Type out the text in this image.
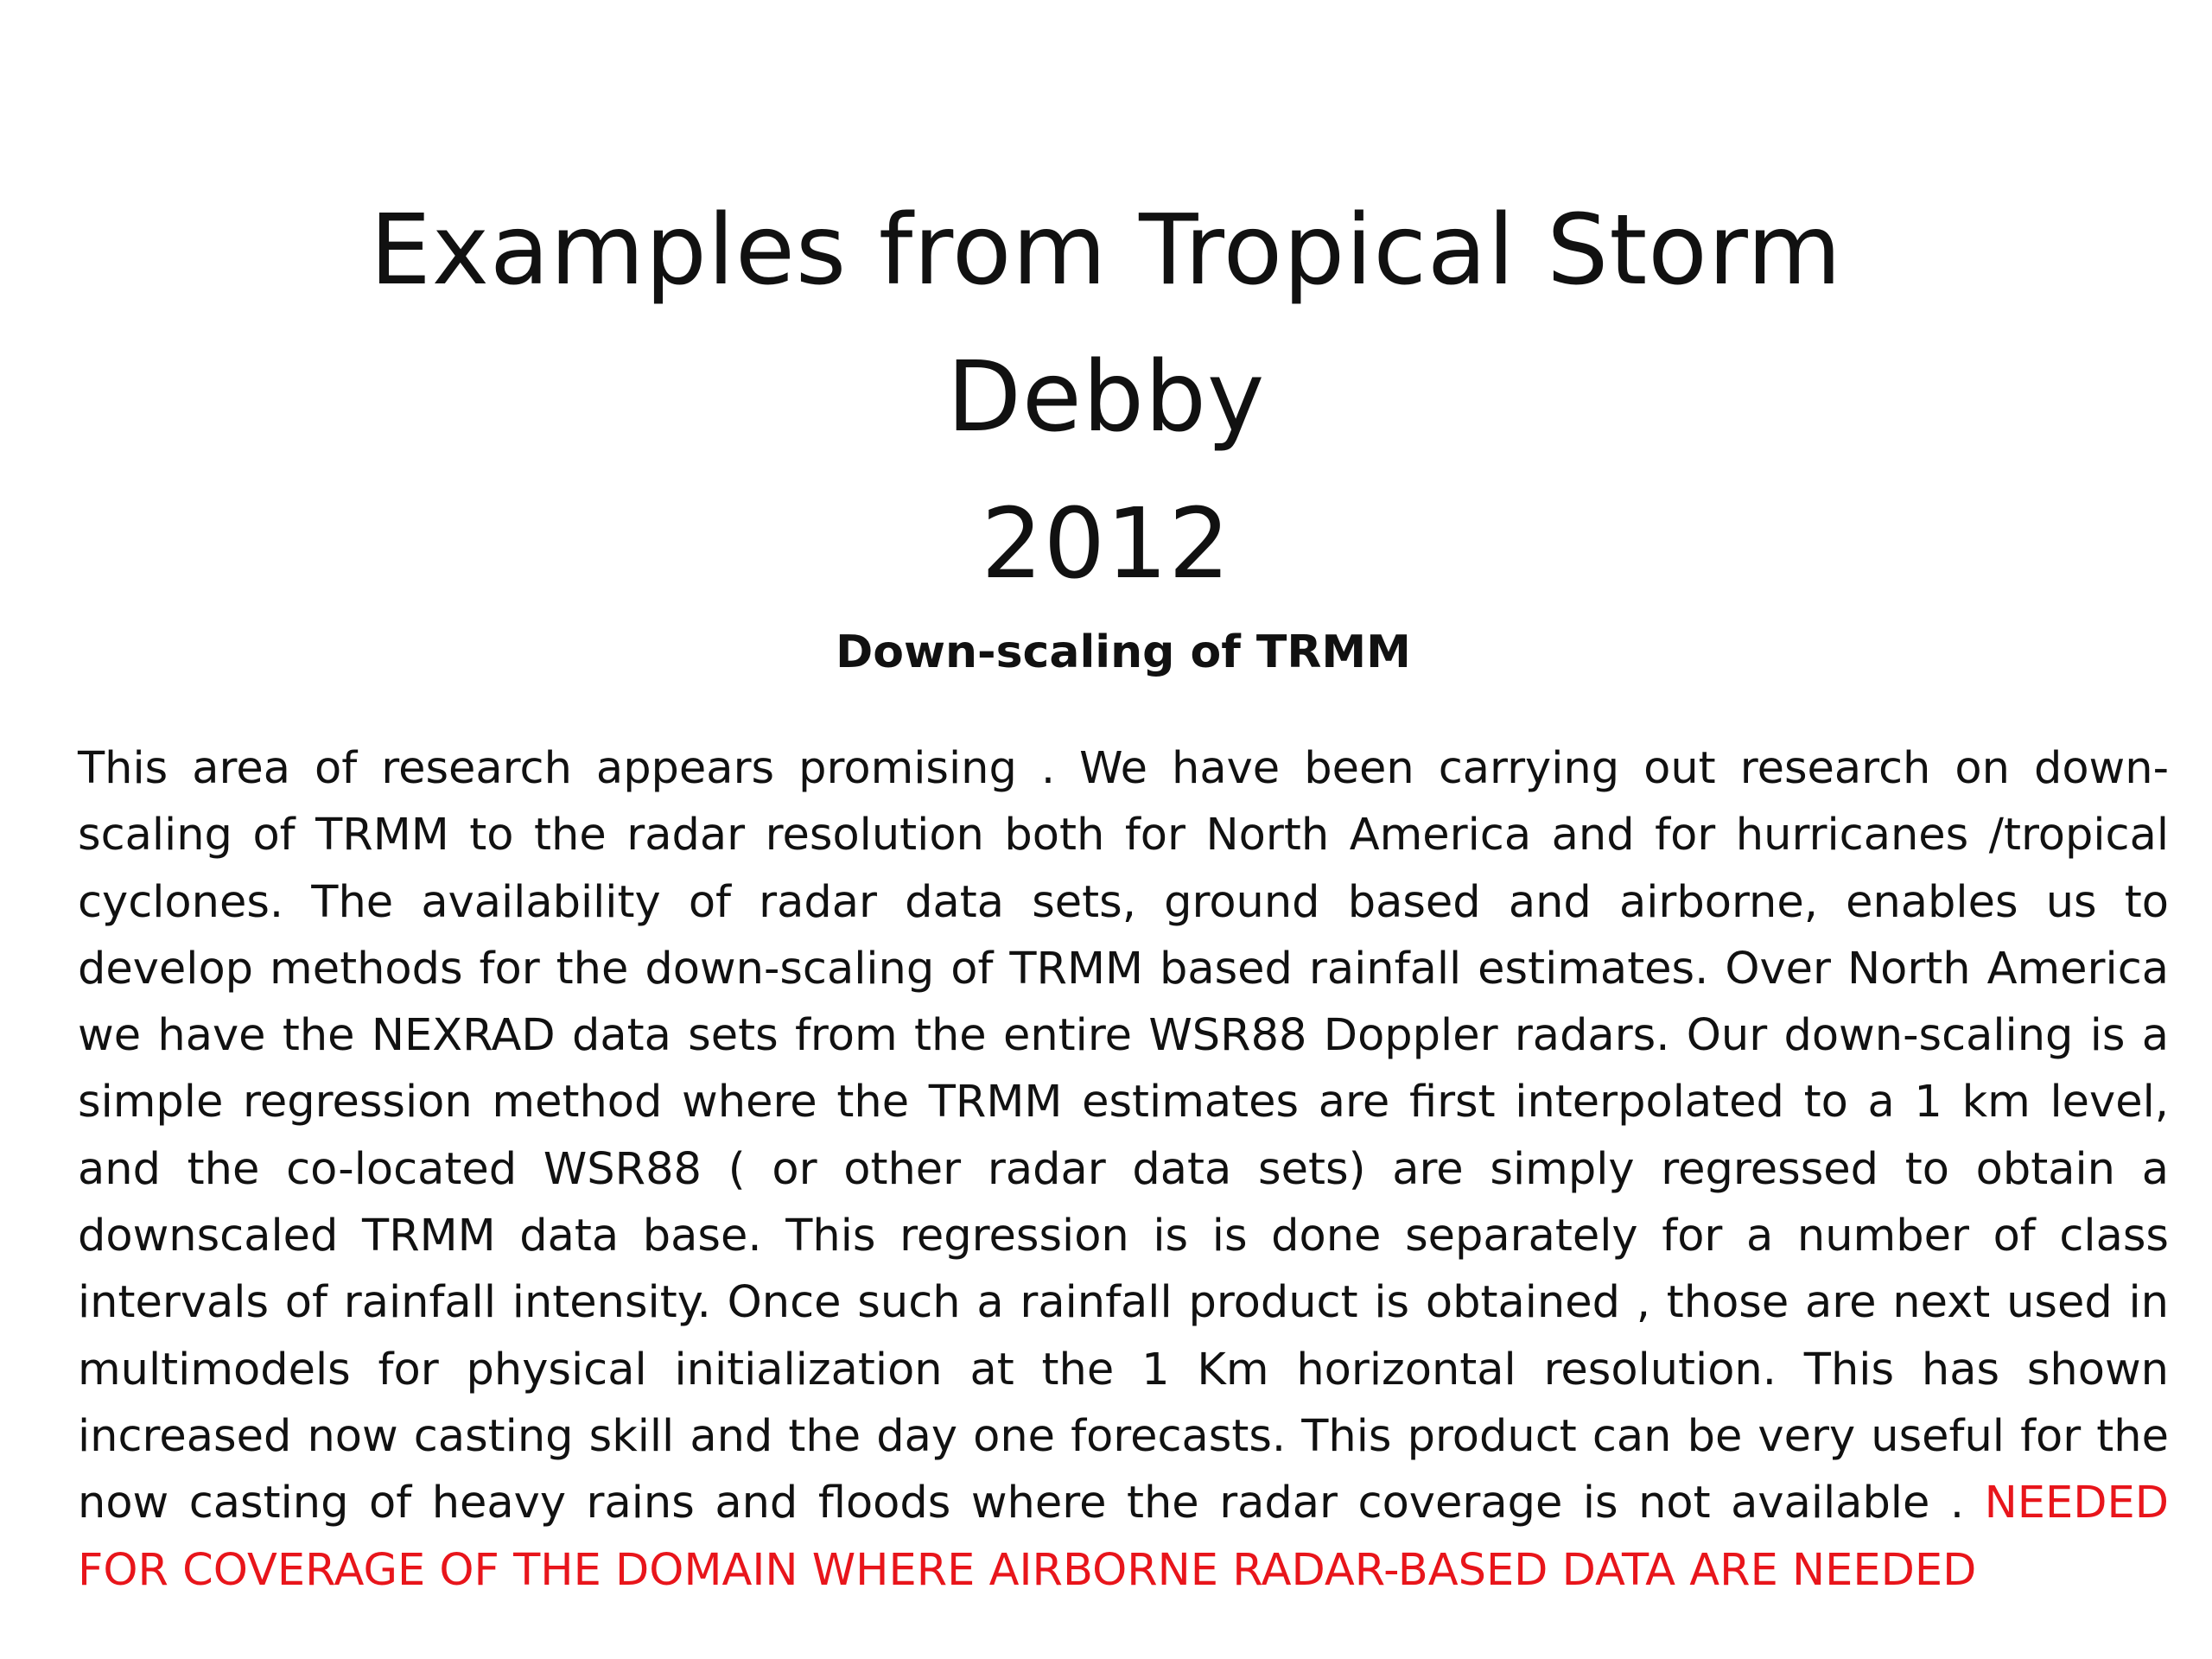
Examples from Tropical Storm
Debby
2012
Down-scaling of TRMM

This area of research appears promising . We have been carrying out research on down-scaling of TRMM to the radar resolution both for North America and for hurricanes /tropical cyclones. The availability of radar data sets, ground based and airborne, enables us to develop methods for the down-scaling of TRMM based rainfall estimates. Over North America we have the NEXRAD data sets from the entire WSR88 Doppler radars. Our down-scaling is a simple regression method where the TRMM estimates are first interpolated to a 1 km level, and the co-located WSR88 ( or other radar data sets) are simply regressed to obtain a downscaled TRMM data base. This regression is is done separately for a number of class intervals of rainfall intensity. Once such a rainfall product is obtained , those are next used in multimodels for physical initialization at the 1 Km horizontal resolution. This has shown increased now casting skill and the day one forecasts. This product can be very useful for the now casting of heavy rains and floods where the radar coverage is not available . NEEDED FOR COVERAGE OF THE DOMAIN WHERE AIRBORNE RADAR-BASED DATA ARE NEEDED
